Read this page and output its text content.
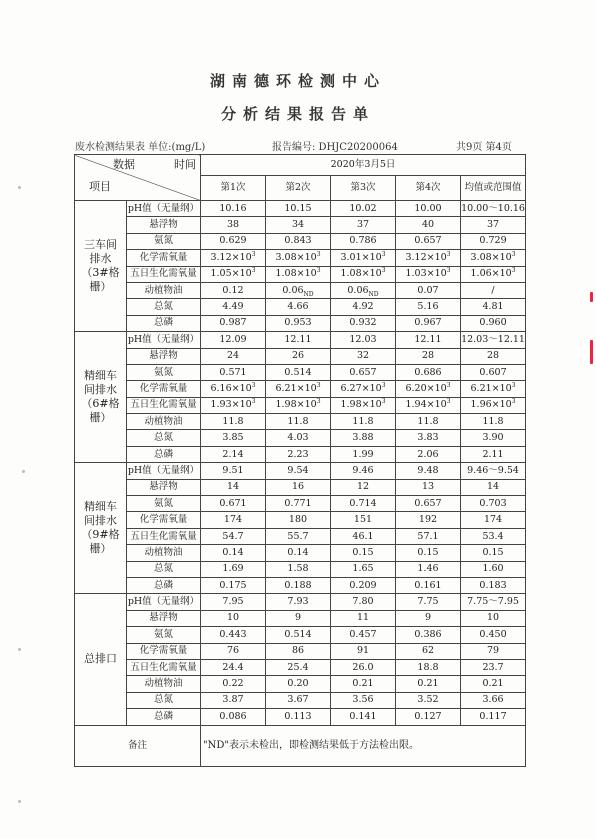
湖南德环检测中心
分析结果报告单
废水检测结果表 单位:(mg/L)	报告编号: DHJC20200064	共9页 第4页
数据 时间
项目		2020年3月5日				
		第1次	第2次	第3次	第4次	均值或范围值
三车间
排水
（3#格
栅）	pH值（无量纲）	10.16	10.15	10.02	10.00	10.00～10.16
	悬浮物	38	34	37	40	37
	氨氮	0.629	0.843	0.786	0.657	0.729
	化学需氧量	$3.12\times 10^3$	$3.08\times 10^3$	$3.01\times 10^3$	$3.12\times 10^3$	$3.08\times 10^3$
	五日生化需氧量	$1.05\times 10^3$	$1.08\times 10^3$	$1.08\times 10^3$	$1.03\times 10^3$	$1.06\times 10^3$
	动植物油	0.12	$0.06_{ND}$	$0.06_{ND}$	0.07	/
	总氮	4.49	4.66	4.92	5.16	4.81
	总磷	0.987	0.953	0.932	0.967	0.960
精细车
间排水
（6#格
栅）	pH值（无量纲）	12.09	12.11	12.03	12.11	12.03～12.11
	悬浮物	24	26	32	28	28
	氨氮	0.571	0.514	0.657	0.686	0.607
	化学需氧量	$6.16\times 10^3$	$6.21\times 10^3$	$6.27\times 10^3$	$6.20\times 10^3$	$6.21\times 10^3$
	五日生化需氧量	$1.93\times 10^3$	$1.98\times 10^3$	$1.98\times 10^3$	$1.94\times 10^3$	$1.96\times 10^3$
	动植物油	11.8	11.8	11.8	11.8	11.8
	总氮	3.85	4.03	3.88	3.83	3.90
	总磷	2.14	2.23	1.99	2.06	2.11
精细车
间排水
（9#格
栅）	pH值（无量纲）	9.51	9.54	9.46	9.48	9.46～9.54
	悬浮物	14	16	12	13	14
	氨氮	0.671	0.771	0.714	0.657	0.703
	化学需氧量	174	180	151	192	174
	五日生化需氧量	54.7	55.7	46.1	57.1	53.4
	动植物油	0.14	0.14	0.15	0.15	0.15
	总氮	1.69	1.58	1.65	1.46	1.60
	总磷	0.175	0.188	0.209	0.161	0.183
总排口	pH值（无量纲）	7.95	7.93	7.80	7.75	7.75～7.95
	悬浮物	10	9	11	9	10
	氨氮	0.443	0.514	0.457	0.386	0.450
	化学需氧量	76	86	91	62	79
	五日生化需氧量	24.4	25.4	26.0	18.8	23.7
	动植物油	0.22	0.20	0.21	0.21	0.21
	总氮	3.87	3.67	3.56	3.52	3.66
	总磷	0.086	0.113	0.141	0.127	0.117
备注		"ND"表示未检出，即检测结果低于方法检出限。				
